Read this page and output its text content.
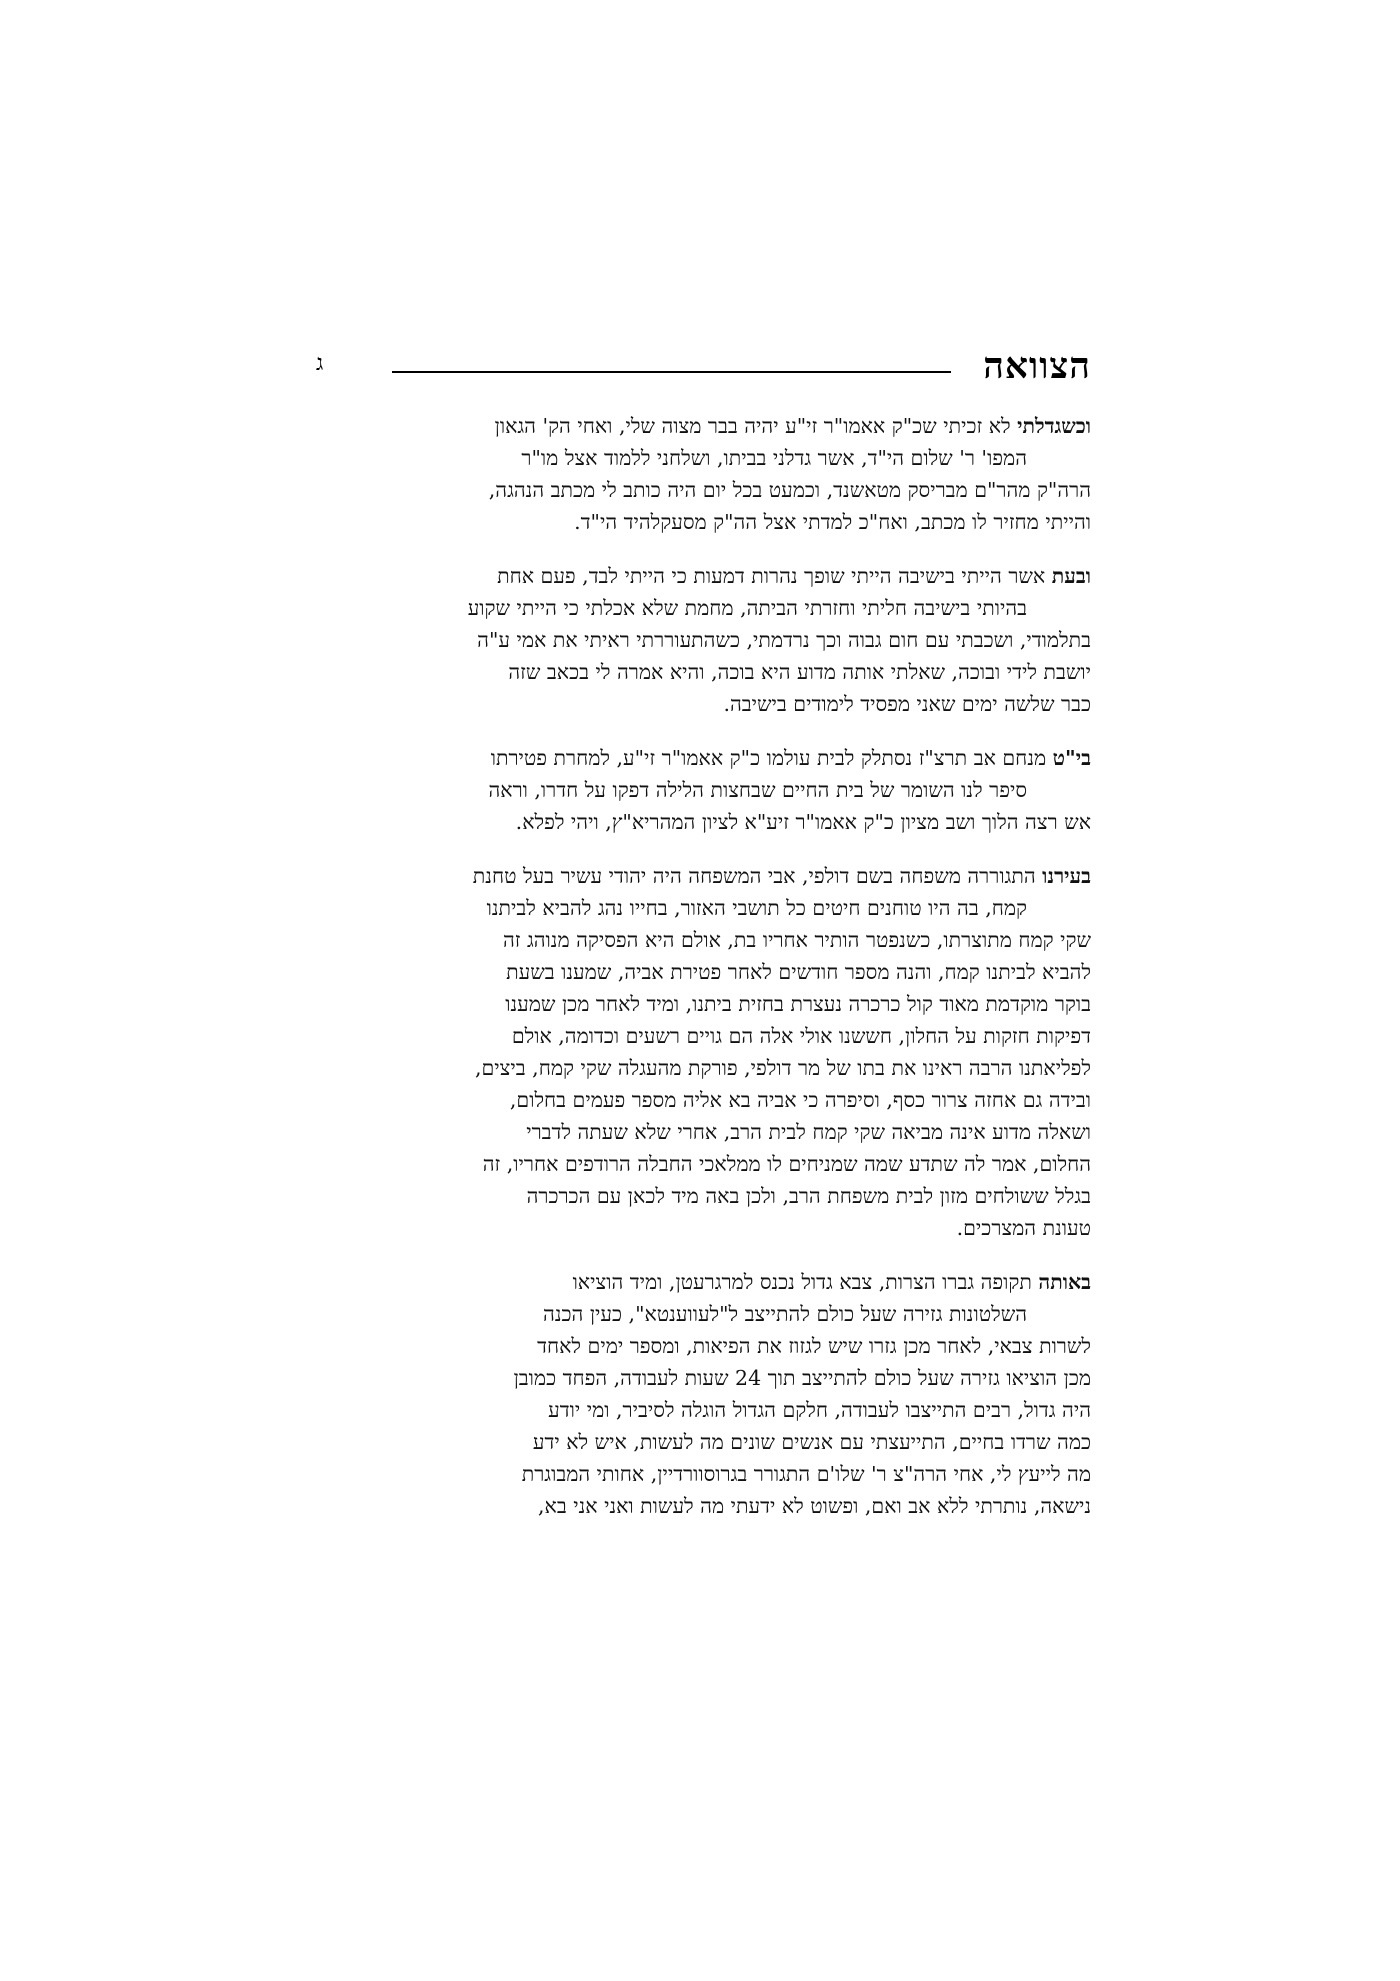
הצוואה
ג

וכשגדלתי לא זכיתי שכ"ק אאמו"ר זי"ע יהיה בבר מצוה שלי, ואחי הק' הגאון
המפו' ר' שלום הי"ד, אשר גדלני בביתו, ושלחני ללמוד אצל מו"ר
הרה"ק מהר"ם מבריסק מטאשנד, וכמעט בכל יום היה כותב לי מכתב הנהגה,
והייתי מחזיר לו מכתב, ואח"כ למדתי אצל הה"ק מסעקלהיד הי"ד.

ובעת אשר הייתי בישיבה הייתי שופך נהרות דמעות כי הייתי לבד, פעם אחת
בהיותי בישיבה חליתי וחזרתי הביתה, מחמת שלא אכלתי כי הייתי שקוע
בתלמודי, ושכבתי עם חום גבוה וכך נרדמתי, כשהתעוררתי ראיתי את אמי ע"ה
יושבת לידי ובוכה, שאלתי אותה מדוע היא בוכה, והיא אמרה לי בכאב שזה
כבר שלשה ימים שאני מפסיד לימודים בישיבה.

בי"ט מנחם אב תרצ"ז נסתלק לבית עולמו כ"ק אאמו"ר זי"ע, למחרת פטירתו
סיפר לנו השומר של בית החיים שבחצות הלילה דפקו על חדרו, וראה
אש רצה הלוך ושב מציון כ"ק אאמו"ר זיע"א לציון המהריא"ץ, ויהי לפלא.

בעירנו התגוררה משפחה בשם דולפי, אבי המשפחה היה יהודי עשיר בעל טחנת
קמח, בה היו טוחנים חיטים כל תושבי האזור, בחייו נהג להביא לביתנו
שקי קמח מתוצרתו, כשנפטר הותיר אחריו בת, אולם היא הפסיקה מנוהג זה
להביא לביתנו קמח, והנה מספר חודשים לאחר פטירת אביה, שמענו בשעת
בוקר מוקדמת מאוד קול כרכרה נעצרת בחזית ביתנו, ומיד לאחר מכן שמענו
דפיקות חזקות על החלון, חששנו אולי אלה הם גויים רשעים וכדומה, אולם
לפליאתנו הרבה ראינו את בתו של מר דולפי, פורקת מהעגלה שקי קמח, ביצים,
ובידה גם אחזה צרור כסף, וסיפרה כי אביה בא אליה מספר פעמים בחלום,
ושאלה מדוע אינה מביאה שקי קמח לבית הרב, אחרי שלא שעתה לדברי
החלום, אמר לה שתדע שמה שמניחים לו ממלאכי החבלה הרודפים אחריו, זה
בגלל ששולחים מזון לבית משפחת הרב, ולכן באה מיד לכאן עם הכרכרה
טעונת המצרכים.

באותה תקופה גברו הצרות, צבא גדול נכנס למרגרעטן, ומיד הוציאו
השלטונות גזירה שעל כולם להתייצב ל"לעווענטא", כעין הכנה
לשרות צבאי, לאחר מכן גזרו שיש לגזוז את הפיאות, ומספר ימים לאחד
מכן הוציאו גזירה שעל כולם להתייצב תוך 24 שעות לעבודה, הפחד כמובן
היה גדול, רבים התייצבו לעבודה, חלקם הגדול הוגלה לסיביר, ומי יודע
כמה שרדו בחיים, התייעצתי עם אנשים שונים מה לעשות, איש לא ידע
מה לייעץ לי, אחי הרה"צ ר' שלו'ם התגורר בגרוסוורדיין, אחותי המבוגרת
נישאה, נותרתי ללא אב ואם, ופשוט לא ידעתי מה לעשות ואני אני בא,
